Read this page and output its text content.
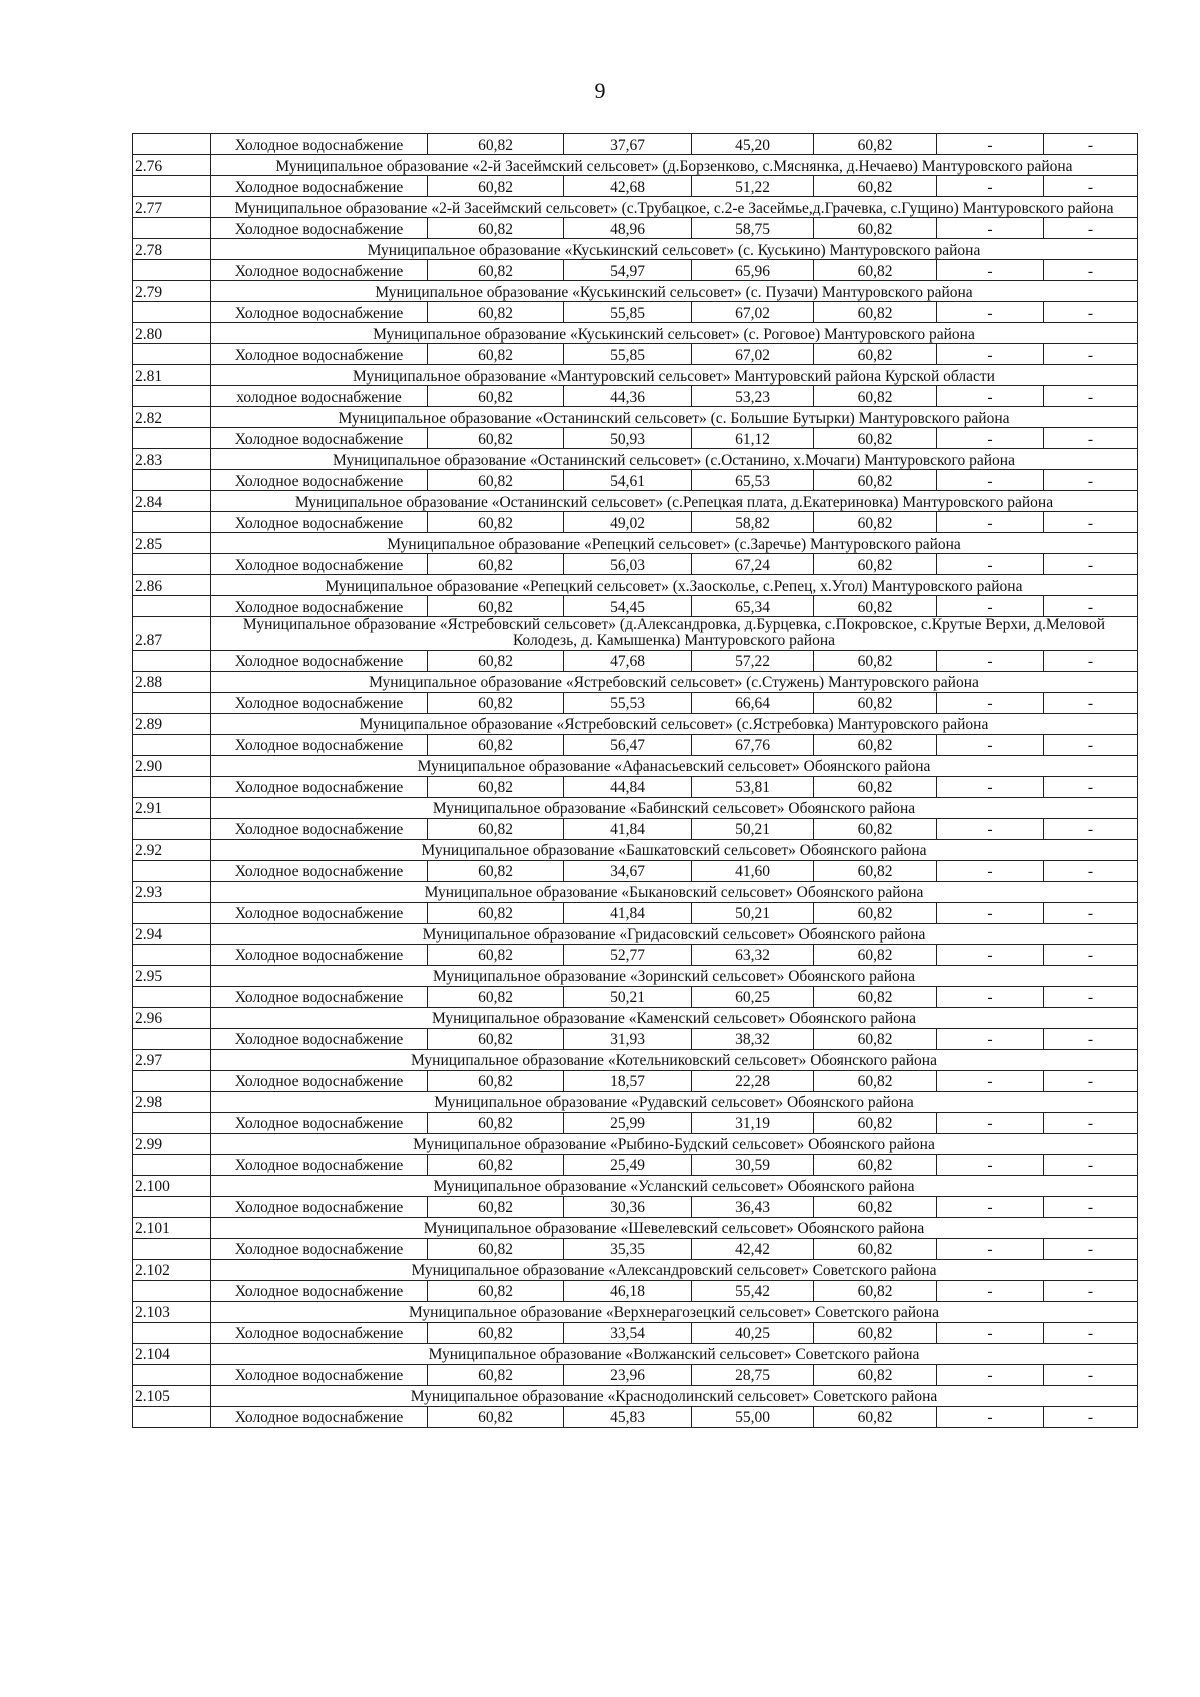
9
	Холодное водоснабжение	60,82	37,67	45,20	60,82	-	-
2.76	Муниципальное образование «2-й Засеймский сельсовет» (д.Борзенково, с.Мяснянка, д.Нечаево) Мантуровского района						
	Холодное водоснабжение	60,82	42,68	51,22	60,82	-	-
2.77	Муниципальное образование «2-й Засеймский сельсовет» (с.Трубацкое, с.2-е Засеймье,д.Грачевка, с.Гущино) Мантуровского района						
	Холодное водоснабжение	60,82	48,96	58,75	60,82	-	-
2.78	Муниципальное образование «Куськинский сельсовет» (с. Куськино) Мантуровского района						
	Холодное водоснабжение	60,82	54,97	65,96	60,82	-	-
2.79	Муниципальное образование «Куськинский сельсовет» (с. Пузачи) Мантуровского района						
	Холодное водоснабжение	60,82	55,85	67,02	60,82	-	-
2.80	Муниципальное образование «Куськинский сельсовет» (с. Роговое) Мантуровского района						
	Холодное водоснабжение	60,82	55,85	67,02	60,82	-	-
2.81	Муниципальное образование «Мантуровский сельсовет» Мантуровский района Курской области						
	холодное водоснабжение	60,82	44,36	53,23	60,82	-	-
2.82	Муниципальное образование «Останинский сельсовет» (с. Большие Бутырки) Мантуровского района						
	Холодное водоснабжение	60,82	50,93	61,12	60,82	-	-
2.83	Муниципальное образование «Останинский сельсовет» (с.Останино, х.Мочаги) Мантуровского района						
	Холодное водоснабжение	60,82	54,61	65,53	60,82	-	-
2.84	Муниципальное образование «Останинский сельсовет» (с.Репецкая плата, д.Екатериновка) Мантуровского района						
	Холодное водоснабжение	60,82	49,02	58,82	60,82	-	-
2.85	Муниципальное образование «Репецкий сельсовет» (с.Заречье) Мантуровского района						
	Холодное водоснабжение	60,82	56,03	67,24	60,82	-	-
2.86	Муниципальное образование «Репецкий сельсовет» (х.Заосколье, с.Репец, х.Угол) Мантуровского района						
	Холодное водоснабжение	60,82	54,45	65,34	60,82	-	-
2.87	Муниципальное образование «Ястребовский сельсовет» (д.Александровка, д.Бурцевка, с.Покровское, с.Крутые Верхи, д.Меловой Колодезь, д. Камышенка) Мантуровского района						
	Холодное водоснабжение	60,82	47,68	57,22	60,82	-	-
2.88	Муниципальное образование «Ястребовский сельсовет» (с.Стужень) Мантуровского района						
	Холодное водоснабжение	60,82	55,53	66,64	60,82	-	-
2.89	Муниципальное образование «Ястребовский сельсовет» (с.Ястребовка) Мантуровского района						
	Холодное водоснабжение	60,82	56,47	67,76	60,82	-	-
2.90	Муниципальное образование «Афанасьевский сельсовет» Обоянского района						
	Холодное водоснабжение	60,82	44,84	53,81	60,82	-	-
2.91	Муниципальное образование «Бабинский сельсовет» Обоянского района						
	Холодное водоснабжение	60,82	41,84	50,21	60,82	-	-
2.92	Муниципальное образование «Башкатовский сельсовет» Обоянского района						
	Холодное водоснабжение	60,82	34,67	41,60	60,82	-	-
2.93	Муниципальное образование «Быкановский сельсовет» Обоянского района						
	Холодное водоснабжение	60,82	41,84	50,21	60,82	-	-
2.94	Муниципальное образование «Гридасовский сельсовет» Обоянского района						
	Холодное водоснабжение	60,82	52,77	63,32	60,82	-	-
2.95	Муниципальное образование «Зоринский сельсовет» Обоянского района						
	Холодное водоснабжение	60,82	50,21	60,25	60,82	-	-
2.96	Муниципальное образование «Каменский сельсовет» Обоянского района						
	Холодное водоснабжение	60,82	31,93	38,32	60,82	-	-
2.97	Муниципальное образование «Котельниковский сельсовет» Обоянского района						
	Холодное водоснабжение	60,82	18,57	22,28	60,82	-	-
2.98	Муниципальное образование «Рудавский сельсовет» Обоянского района						
	Холодное водоснабжение	60,82	25,99	31,19	60,82	-	-
2.99	Муниципальное образование «Рыбино-Будский сельсовет» Обоянского района						
	Холодное водоснабжение	60,82	25,49	30,59	60,82	-	-
2.100	Муниципальное образование «Усланский сельсовет» Обоянского района						
	Холодное водоснабжение	60,82	30,36	36,43	60,82	-	-
2.101	Муниципальное образование «Шевелевский сельсовет» Обоянского района						
	Холодное водоснабжение	60,82	35,35	42,42	60,82	-	-
2.102	Муниципальное образование «Александровский сельсовет» Советского района						
	Холодное водоснабжение	60,82	46,18	55,42	60,82	-	-
2.103	Муниципальное образование «Верхнерагозецкий сельсовет» Советского района						
	Холодное водоснабжение	60,82	33,54	40,25	60,82	-	-
2.104	Муниципальное образование «Волжанский сельсовет» Советского района						
	Холодное водоснабжение	60,82	23,96	28,75	60,82	-	-
2.105	Муниципальное образование «Краснодолинский сельсовет» Советского района						
	Холодное водоснабжение	60,82	45,83	55,00	60,82	-	-
